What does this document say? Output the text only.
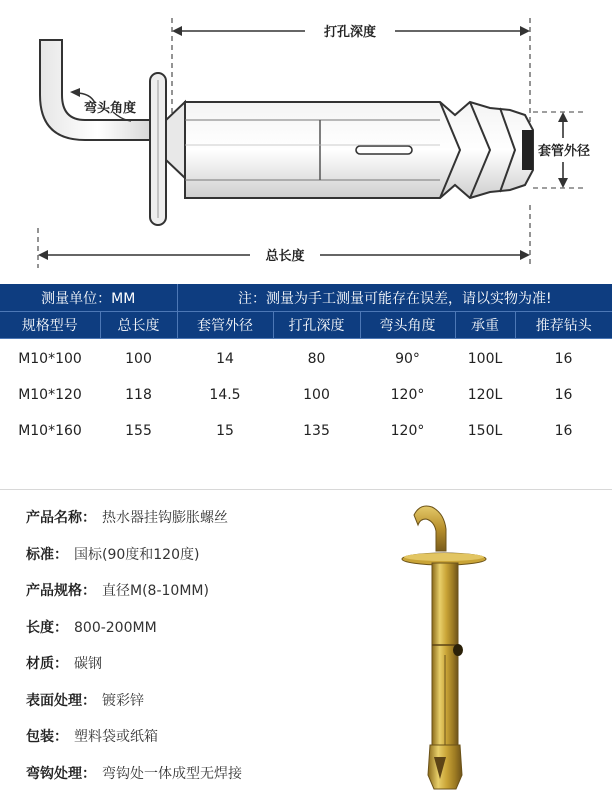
打孔深度
弯头角度
套管外径
总长度
测量单位：MM		注：测量为手工测量可能存在误差，请以实物为准!				
规格型号	总长度	套管外径	打孔深度	弯头角度	承重	推荐钻头
M10*100	100	14	80	90°	100L	16
M10*120	118	14.5	100	120°	120L	16
M10*160	155	15	135	120°	150L	16
产品名称： 热水器挂钩膨胀螺丝
标准： 国标(90度和120度)
产品规格： 直径M(8-10MM)
长度： 800-200MM
材质： 碳钢
表面处理： 镀彩锌
包装： 塑料袋或纸箱
弯钩处理： 弯钩处一体成型无焊接
